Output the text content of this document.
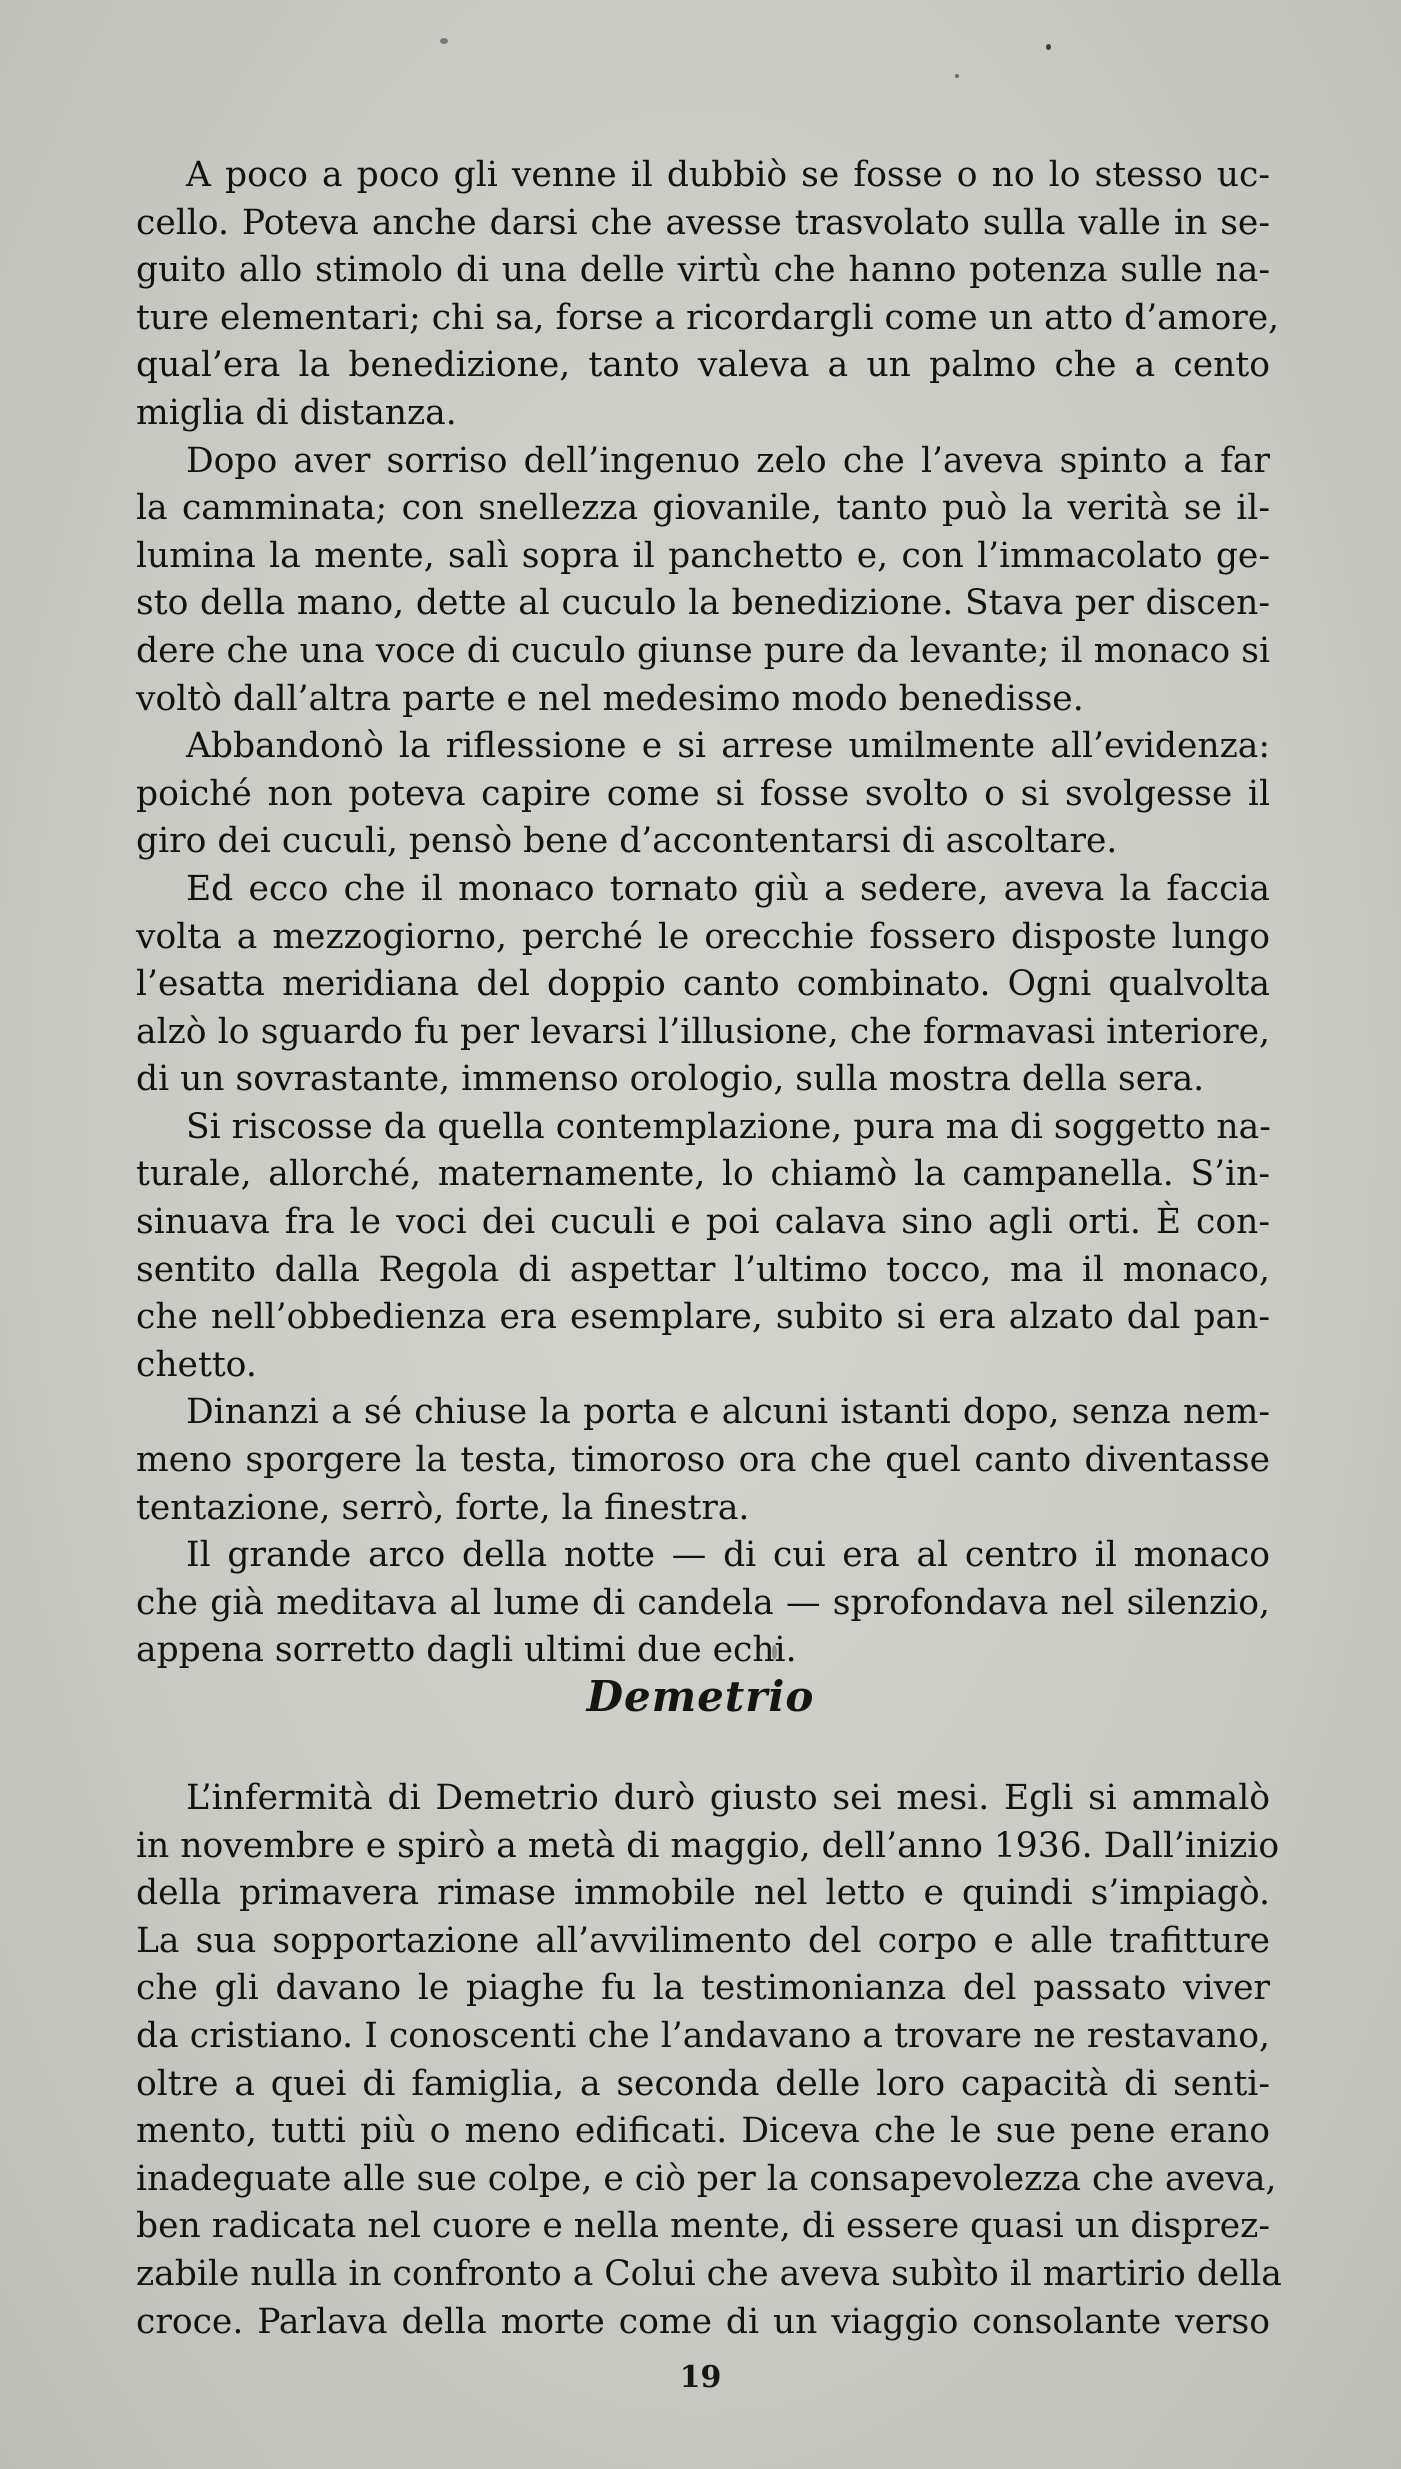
A poco a poco gli venne il dubbiò se fosse o no lo stesso uc-
cello. Poteva anche darsi che avesse trasvolato sulla valle in se-
guito allo stimolo di una delle virtù che hanno potenza sulle na-
ture elementari; chi sa, forse a ricordargli come un atto d’amore,
qual’era la benedizione, tanto valeva a un palmo che a cento
miglia di distanza.
Dopo aver sorriso dell’ingenuo zelo che l’aveva spinto a far
la camminata; con snellezza giovanile, tanto può la verità se il-
lumina la mente, salì sopra il panchetto e, con l’immacolato ge-
sto della mano, dette al cuculo la benedizione. Stava per discen-
dere che una voce di cuculo giunse pure da levante; il monaco si
voltò dall’altra parte e nel medesimo modo benedisse.
Abbandonò la riflessione e si arrese umilmente all’evidenza:
poiché non poteva capire come si fosse svolto o si svolgesse il
giro dei cuculi, pensò bene d’accontentarsi di ascoltare.
Ed ecco che il monaco tornato giù a sedere, aveva la faccia
volta a mezzogiorno, perché le orecchie fossero disposte lungo
l’esatta meridiana del doppio canto combinato. Ogni qualvolta
alzò lo sguardo fu per levarsi l’illusione, che formavasi interiore,
di un sovrastante, immenso orologio, sulla mostra della sera.
Si riscosse da quella contemplazione, pura ma di soggetto na-
turale, allorché, maternamente, lo chiamò la campanella. S’in-
sinuava fra le voci dei cuculi e poi calava sino agli orti. È con-
sentito dalla Regola di aspettar l’ultimo tocco, ma il monaco,
che nell’obbedienza era esemplare, subito si era alzato dal pan-
chetto.
Dinanzi a sé chiuse la porta e alcuni istanti dopo, senza nem-
meno sporgere la testa, timoroso ora che quel canto diventasse
tentazione, serrò, forte, la finestra.
Il grande arco della notte — di cui era al centro il monaco
che già meditava al lume di candela — sprofondava nel silenzio,
appena sorretto dagli ultimi due echi.
Demetrio
L’infermità di Demetrio durò giusto sei mesi. Egli si ammalò
in novembre e spirò a metà di maggio, dell’anno 1936. Dall’inizio
della primavera rimase immobile nel letto e quindi s’impiagò.
La sua sopportazione all’avvilimento del corpo e alle trafitture
che gli davano le piaghe fu la testimonianza del passato viver
da cristiano. I conoscenti che l’andavano a trovare ne restavano,
oltre a quei di famiglia, a seconda delle loro capacità di senti-
mento, tutti più o meno edificati. Diceva che le sue pene erano
inadeguate alle sue colpe, e ciò per la consapevolezza che aveva,
ben radicata nel cuore e nella mente, di essere quasi un disprez-
zabile nulla in confronto a Colui che aveva subìto il martirio della
croce. Parlava della morte come di un viaggio consolante verso
19
